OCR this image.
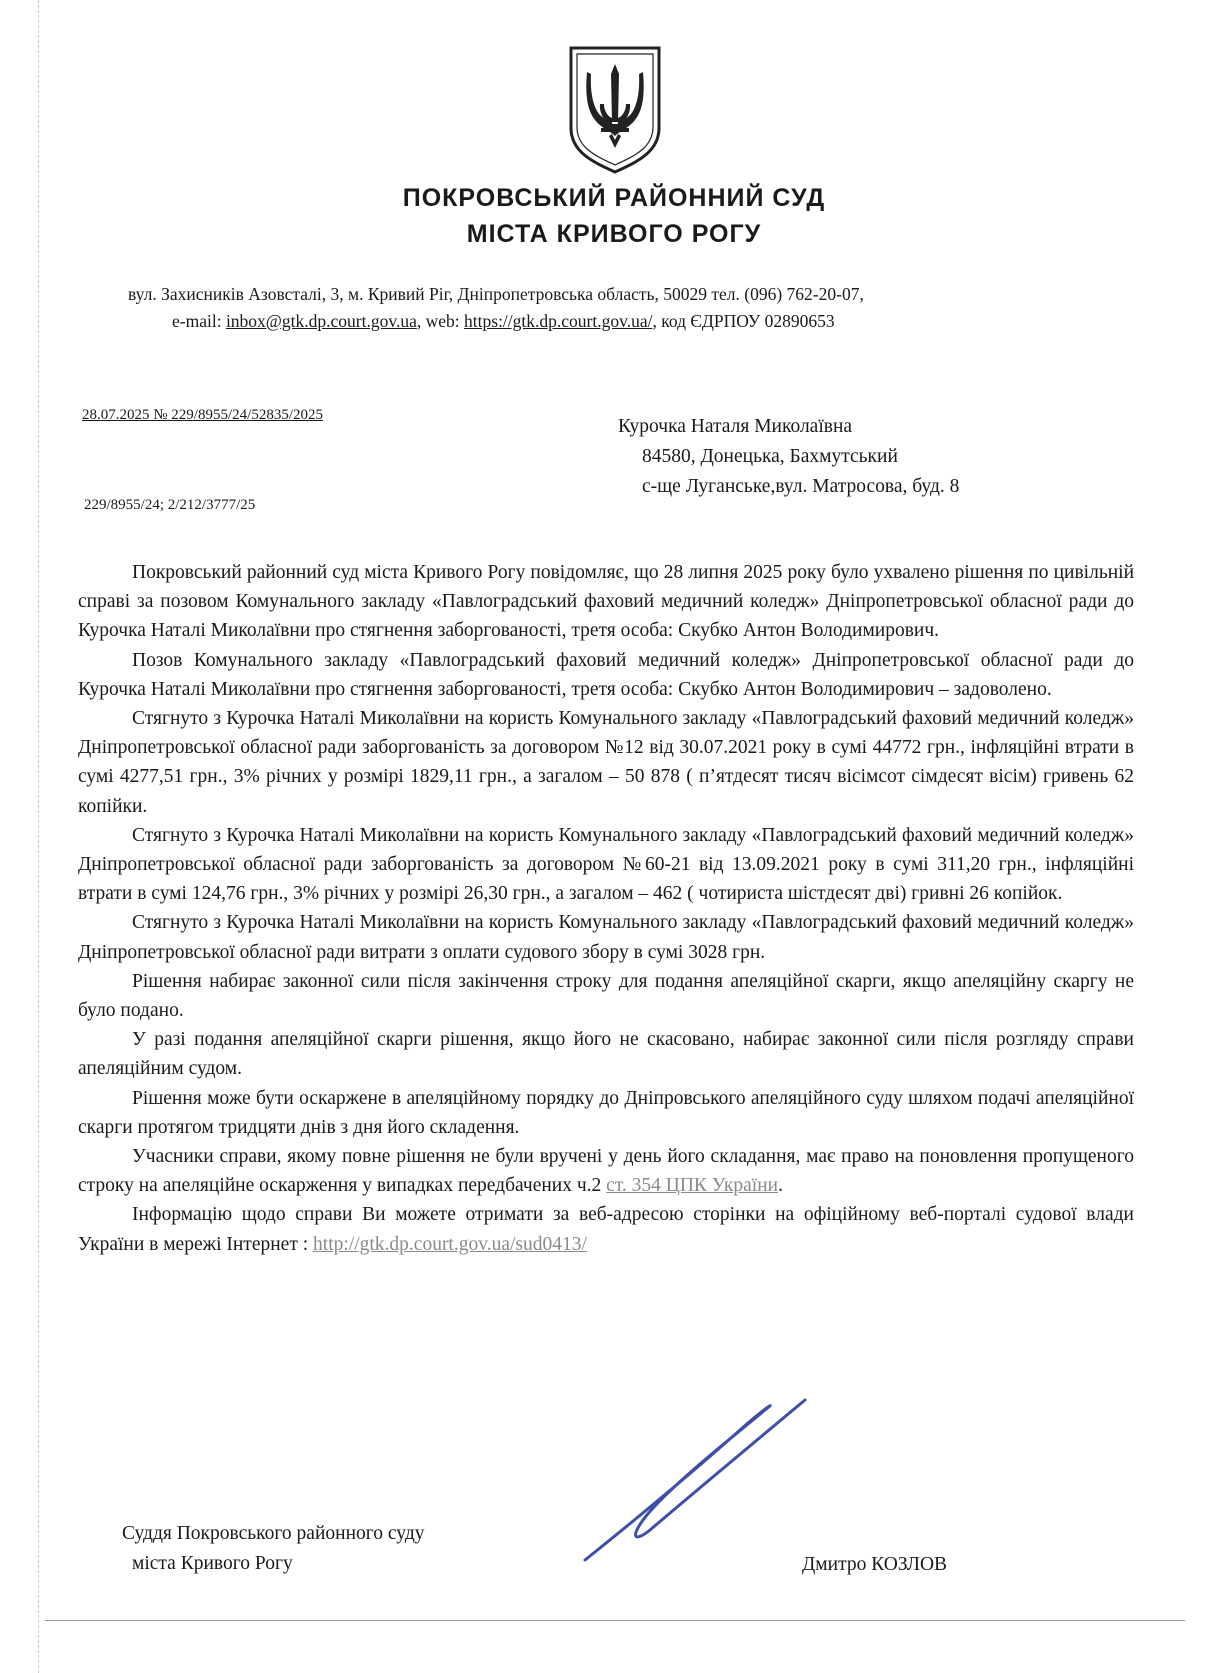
ПОКРОВСЬКИЙ РАЙОННИЙ СУД
МІСТА КРИВОГО РОГУ
вул. Захисників Азовсталі, 3, м. Кривий Ріг, Дніпропетровська область, 50029 тел. (096) 762-20-07,
e-mail: inbox@gtk.dp.court.gov.ua, web: https://gtk.dp.court.gov.ua/, код ЄДРПОУ 02890653
28.07.2025 № 229/8955/24/52835/2025
229/8955/24; 2/212/3777/25
Курочка Наталя Миколаївна
84580, Донецька, Бахмутський
с-ще Луганське,вул. Матросова, буд. 8

Покровський районний суд міста Кривого Рогу повідомляє, що 28 липня 2025 року було ухвалено рішення по цивільній справі за позовом Комунального закладу «Павлоградський фаховий медичний коледж» Дніпропетровської обласної ради до Курочка Наталі Миколаївни про стягнення заборгованості, третя особа: Скубко Антон Володимирович.

Позов Комунального закладу «Павлоградський фаховий медичний коледж» Дніпропетровської обласної ради до Курочка Наталі Миколаївни про стягнення заборгованості, третя особа: Скубко Антон Володимирович – задоволено.

Стягнуто з Курочка Наталі Миколаївни на користь Комунального закладу «Павлоградський фаховий медичний коледж» Дніпропетровської обласної ради заборгованість за договором №12 від 30.07.2021 року в сумі 44772 грн., інфляційні втрати в сумі 4277,51 грн., 3% річних у розмірі 1829,11 грн., а загалом – 50 878 ( п’ятдесят тисяч вісімсот сімдесят вісім) гривень 62 копійки.

Стягнуто з Курочка Наталі Миколаївни на користь Комунального закладу «Павлоградський фаховий медичний коледж» Дніпропетровської обласної ради заборгованість за договором №60-21 від 13.09.2021 року в сумі 311,20 грн., інфляційні втрати в сумі 124,76 грн., 3% річних у розмірі 26,30 грн., а загалом – 462 ( чотириста шістдесят дві) гривні 26 копійок.

Стягнуто з Курочка Наталі Миколаївни на користь Комунального закладу «Павлоградський фаховий медичний коледж» Дніпропетровської обласної ради витрати з оплати судового збору в сумі 3028 грн.

Рішення набирає законної сили після закінчення строку для подання апеляційної скарги, якщо апеляційну скаргу не було подано.

У разі подання апеляційної скарги рішення, якщо його не скасовано, набирає законної сили після розгляду справи апеляційним судом.

Рішення може бути оскаржене в апеляційному порядку до Дніпровського апеляційного суду шляхом подачі апеляційної скарги протягом тридцяти днів з дня його складення.

Учасники справи, якому повне рішення не були вручені у день його складання, має право на поновлення пропущеного строку на апеляційне оскарження у випадках передбачених ч.2 ст. 354 ЦПК України.

Інформацію щодо справи Ви можете отримати за веб-адресою сторінки на офіційному веб-порталі судової влади України в мережі Інтернет : http://gtk.dp.court.gov.ua/sud0413/

Суддя Покровського районного суду
міста Кривого Рогу	Дмитро КОЗЛОВ
